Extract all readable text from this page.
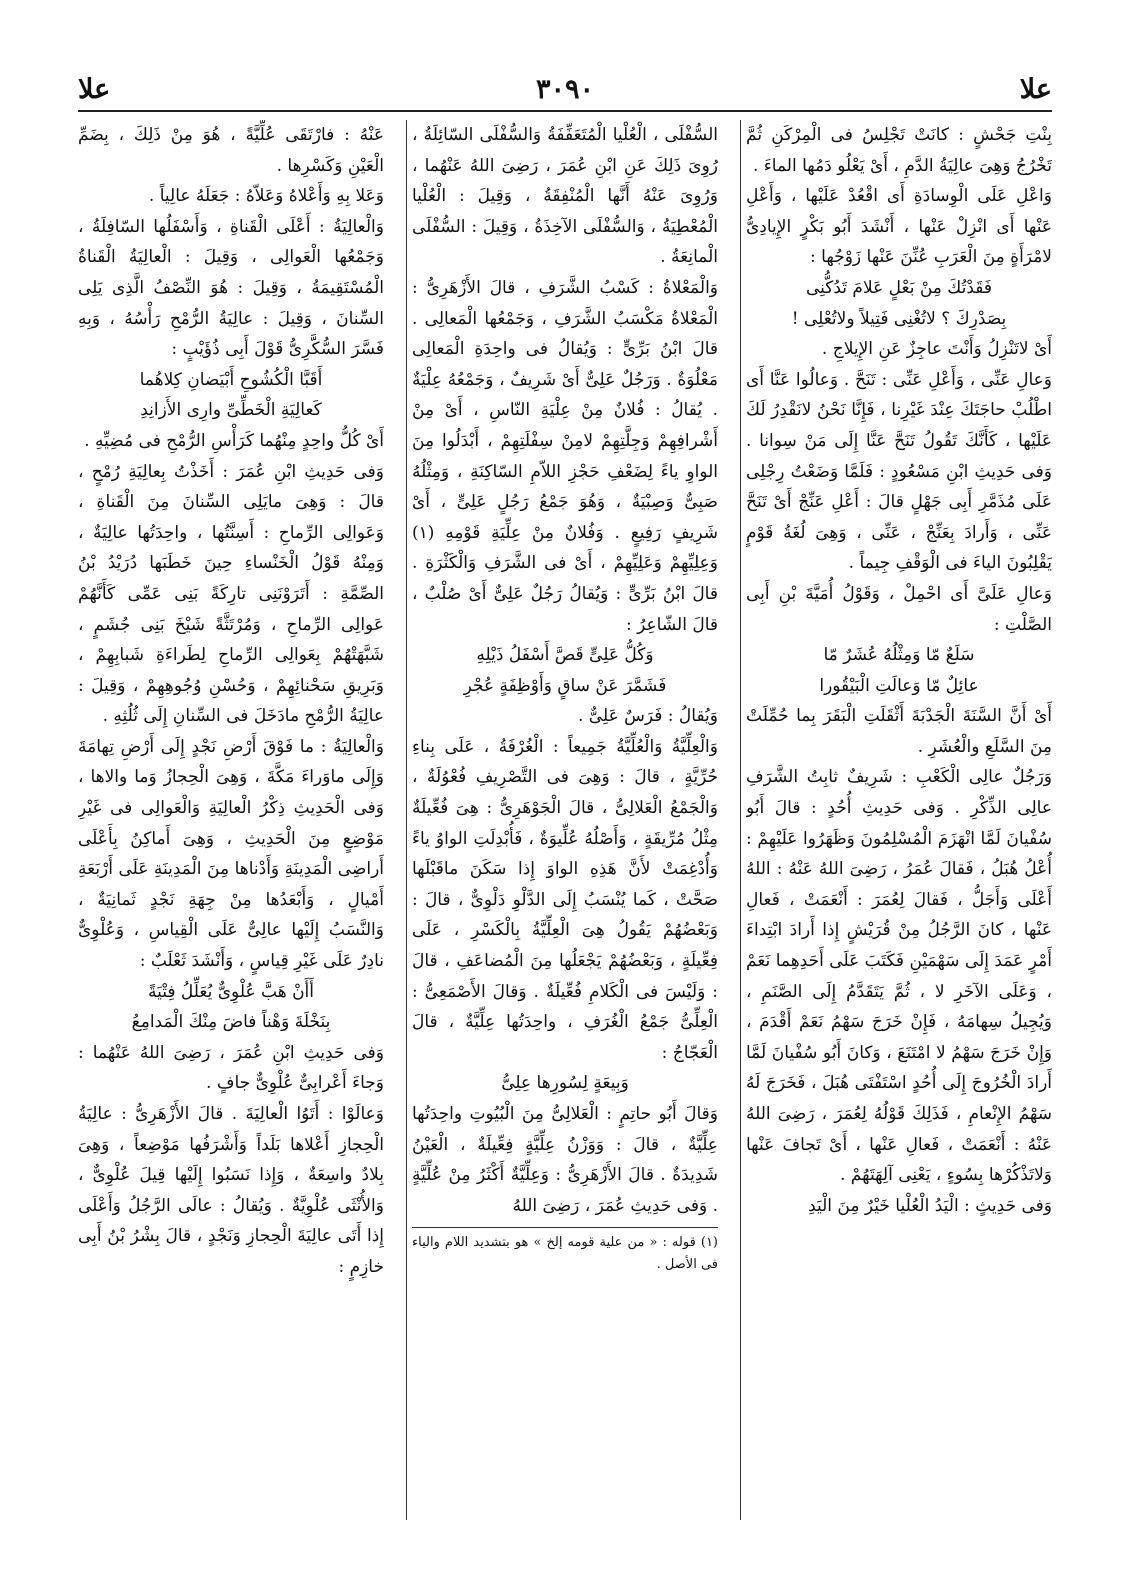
علا
٣٠٩٠
علا

بِنْتِ جَحْشٍ : كانَتْ تَجْلِسُ فى الْمِرْكَنِ ثُمَّ تَخْرُجُ وَهِىَ عالِيَةُ الدَّمِ ، أَىْ يَعْلُو دَمُها الماءَ .

وَاعْلِ عَلَى الْوِسادَةِ أَى اقْعُدْ عَلَيْها ، وَأَعْلِ عَنْها أَى انْزِلْ عَنْها ، أَنْشَدَ أَبُو بَكْرٍ الإِيادِىُّ لامْرَأَةٍ مِنَ الْعَرَبِ عُنِّنَ عَنْها زَوْجُها :

فَقَدْتُكَ مِنْ بَعْلٍ عَلامَ تَدُكُّنِى

بِصَدْرِكَ ؟ لاتُغْنِى فَتِيلاً ولاتُعْلِى !

أَىْ لاتَنْزِلُ وَأَنْتَ عاجِزٌ عَنِ الإِيلاجِ .

وَعالِ عَنِّى ، وَأَعْلِ عَنِّى : تَنَحَّ . وَعالُوا عَنَّا أَى اطْلُبْ حاجَتَكَ عِنْدَ غَيْرِنا ، فَإِنَّا نَحْنُ لانَقْدِرُ لَكَ عَلَيْها ، كَأَنَّكَ تَقُولُ تَنَحَّ عَنَّا إِلَى مَنْ سِوانا . وَفى حَدِيثِ ابْنِ مَسْعُودٍ : فَلَمَّا وَضَعْتُ رِجْلِى عَلَى مُذَمَّرِ أَبِى جَهْلٍ قالَ : أَعْلِ عَنِّجْ أَىْ تَنَحَّ عَنِّى ، وَأَرادَ بِعَنِّجْ ، عَنِّى ، وَهِىَ لُغَةُ قَوْمٍ يَقْلِبُونَ الياءَ فى الْوَقْفِ جِيماً .

وَعالِ عَلَىَّ أَى احْمِلْ ، وَقَوْلُ أُمَيَّةَ بْنِ أَبِى الصَّلْتِ :

سَلَعٌ مّا وَمِثْلُهُ عُشَرٌ مّا

عائِلٌ مّا وَعالَتِ الْبَيْقُورا

أَىْ أَنَّ السَّنَةَ الْجَدْبَةَ أَثْقَلَتِ الْبَقَرَ بِما حُمِّلَتْ مِنَ السَّلَعِ والْعُشَرِ .

وَرَجُلٌ عالِى الْكَعْبِ : شَرِيفٌ ثابِتُ الشَّرَفِ عالِى الذِّكْرِ . وَفى حَدِيثِ أُحُدٍ : قالَ أَبُو سُفْيانَ لَمَّا انْهَزَمَ الْمُسْلِمُونَ وَظَهَرُوا عَلَيْهِمْ : أُعْلُ هُبَلُ ، فَقالَ عُمَرُ ، رَضِىَ اللهُ عَنْهُ : اللهُ أَعْلَى وَأَجَلُّ ، فَقالَ لِعُمَرَ : أَنْعَمَتْ ، فَعالِ عَنْها ، كانَ الرَّجُلُ مِنْ قُرَيْشٍ إِذا أَرادَ ابْتِداءَ أَمْرٍ عَمَدَ إِلَى سَهْمَيْنِ فَكَتَبَ عَلَى أَحَدِهِما نَعَمْ ، وَعَلَى الآخَرِ لا ، ثُمَّ يَتَقَدَّمُ إِلَى الصَّنَمِ ، وَيُجِيلُ سِهامَهُ ، فَإِنْ خَرَجَ سَهْمُ نَعَمْ أَقْدَمَ ، وَإِنْ خَرَجَ سَهْمُ لا امْتَنَعَ ، وَكانَ أَبُو سُفْيانَ لَمَّا أَرادَ الْخُرُوجَ إِلَى أُحُدٍ اسْتَفْتَى هُبَلَ ، فَخَرَجَ لَهُ سَهْمُ الإِنْعامِ ، فَذَلِكَ قَوْلُهُ لِعُمَرَ ، رَضِىَ اللهُ عَنْهُ : أَنْعَمَتْ ، فَعالِ عَنْها ، أَىْ تَجافَ عَنْها وَلاتَذْكُرْها بِسُوءٍ ، يَعْنِى آلِهَتَهُمْ .

وَفى حَدِيثٍ : الْيَدُ الْعُلْيا خَيْرٌ مِنَ الْيَدِ

السُّفْلَى ، الْعُلْيا الْمُتَعَفِّفَةُ وَالسُّفْلَى السّائِلَةُ ، رُوِىَ ذَلِكَ عَنِ ابْنِ عُمَرَ ، رَضِىَ اللهُ عَنْهُما ، وَرُوِىَ عَنْهُ أَنَّها الْمُنْفِقَةُ ، وَقِيلَ : الْعُلْيا الْمُعْطِيَةُ ، وَالسُّفْلَى الآخِذَةُ ، وَقِيلَ : السُّفْلَى الْمانِعَةُ .

وَالْمَعْلاةُ : كَسْبُ الشَّرَفِ ، قالَ الأَزْهَرِىُّ : الْمَعْلاةُ مَكْسَبُ الشَّرَفِ ، وَجَمْعُها الْمَعالِى . قالَ ابْنُ بَرِّىٍّ : وَيُقالُ فى واحِدَةِ الْمَعالِى مَعْلُوَةٌ . وَرَجُلٌ عَلِىٌّ أَىْ شَرِيفٌ ، وَجَمْعُهُ عِلْيَةٌ . يُقالُ : فُلانٌ مِنْ عِلْيَةِ النّاسِ ، أَىْ مِنْ أَشْرافِهِمْ وَجِلَّتِهِمْ لامِنْ سِفْلَتِهِمْ ، أَبْدَلُوا مِنَ الواوِ ياءً لِضَعْفِ حَجْزِ اللاّمِ السّاكِنَةِ ، وَمِثْلُهُ صَبِىٌّ وَصِبْيَةٌ ، وَهُوَ جَمْعُ رَجُلٍ عَلِىٍّ ، أَىْ شَرِيفٍ رَفِيعٍ . وَفُلانٌ مِنْ عِلِّيَةِ قَوْمِهِ (١) وَعِلِيِّهِمْ وَعَلِيِّهِمْ ، أَىْ فى الشَّرَفِ وَالْكَثْرَةِ . قالَ ابْنُ بَرِّىٍّ : وَيُقالُ رَجُلٌ عَلِىٌّ أَىْ صُلْبٌ ، قالَ الشّاعِرُ :

وَكُلُّ عَلِىٍّ قَصَّ أَسْفَلُ ذَيْلِهِ

فَشَمَّرَ عَنْ ساقٍ وَأَوْظِفَةٍ عُجْرِ

وَيُقالُ : فَرَسٌ عَلِىٌّ .

وَالْعِلِّيَّةُ وَالْعُلِّيَّةُ جَمِيعاً : الْغُرْفَةُ ، عَلَى بِناءِ حُرِّيَّةٍ ، قالَ : وَهِىَ فى التَّصْرِيفِ فُعْوُلَةٌ ، وَالْجَمْعُ الْعَلالِىُّ ، قالَ الْجَوْهَرِىُّ : هِىَ فُعِّيلَةٌ مِثْلُ مُرِّيقَةٍ ، وَأَصْلُهُ عُلِّيوَةٌ ، فَأُبْدِلَتِ الواوُ ياءً وَأُدْغِمَتْ لأَنَّ هَذِهِ الواوَ إِذا سَكَنَ ماقَبْلَها صَحَّتْ ، كَما يُنْسَبُ إِلَى الدَّلْوِ دَلْوِىٌّ ، قالَ : وَبَعْضُهُمْ يَقُولُ هِىَ الْعِلِّيَّةُ بِالْكَسْرِ ، عَلَى فِعِّيلَةٍ ، وَبَعْضُهُمْ يَجْعَلُها مِنَ الْمُضاعَفِ ، قالَ : وَلَيْسَ فى الْكَلامِ فُعِّيلَةٌ . وَقالَ الأَصْمَعِىُّ : الْعِلِّىُّ جَمْعُ الْغُرَفِ ، واحِدَتُها عِلِّيَّةٌ ، قالَ الْعَجّاجُ :

وَبِيعَةٍ لِسُورِها عِلِىُّ

وَقالَ أَبُو حاتِمٍ : الْعَلالِىُّ مِنَ الْبُيُوتِ واحِدَتُها عِلِّيَّةٌ ، قالَ : وَوَزْنُ عِلِّيَّةٍ فِعِّيلَةٌ ، الْعَيْنُ شَدِيدَةٌ . قالَ الأَزْهَرِىُّ : وَعِلِّيَّةٌ أَكْثَرُ مِنْ عُلِّيَّةٍ . وَفى حَدِيثِ عُمَرَ ، رَضِىَ اللهُ

(١) قوله : « من علية قومه إلخ » هو بتشديد اللام والياء فى الأصل .

عَنْهُ : فارْتَقَى عُلِّيَّةً ، هُوَ مِنْ ذَلِكَ ، بِضَمِّ الْعَيْنِ وَكَسْرِها .

وَعَلا بِهِ وَأَعْلاهُ وَعَلاّهُ : جَعَلَهُ عالِياً .

وَالْعالِيَةُ : أَعْلَى الْقَناةِ ، وَأَسْفَلُها السّافِلَةُ ، وَجَمْعُها الْعَوالِى ، وَقِيلَ : الْعالِيَةُ الْقَناةُ الْمُسْتَقِيمَةُ ، وَقِيلَ : هُوَ النِّصْفُ الَّذِى يَلِى السِّنانَ ، وَقِيلَ : عالِيَةُ الرُّمْحِ رَأْسُهُ ، وَبِهِ فَسَّرَ السُّكَّرِىُّ قَوْلَ أَبِى ذُؤَيْبٍ :

أَقَبَّا الْكُشُوحِ أَبْيَضانِ كِلاهُما

كَعالِيَةِ الْخَطِّىِّ وارِى الأَزانِدِ

أَىْ كُلُّ واحِدٍ مِنْهُما كَرَأْسِ الرُّمْحِ فى مُضِيِّهِ .

وَفى حَدِيثِ ابْنِ عُمَرَ : أَخَذْتُ بِعالِيَةِ رُمْحٍ ، قالَ : وَهِىَ مايَلِى السِّنانَ مِنَ الْقَناةِ ، وَعَوالِى الرِّماحِ : أَسِنَّتُها ، واحِدَتُها عالِيَةٌ ، وَمِنْهُ قَوْلُ الْخَنْساءِ حِينَ خَطَبَها دُرَيْدُ بْنُ الصِّمَّةِ : أَتَرَوْنَنِى تارِكَةً بَنِى عَمِّى كَأَنَّهُمْ عَوالِى الرِّماحِ ، وَمُرْتَثَّةً شَيْخَ بَنِى جُشَمٍ ، شَبَّهَتْهُمْ بِعَوالِى الرِّماحِ لِطَراءَةِ شَبابِهِمْ ، وَبَرِيقِ سَحْنائِهِمْ ، وَحُسْنِ وُجُوهِهِمْ ، وَقِيلَ : عالِيَةُ الرُّمْحِ مادَخَلَ فى السِّنانِ إِلَى ثُلُثِهِ .

وَالْعالِيَةُ : ما فَوْقَ أَرْضِ نَجْدٍ إِلَى أَرْضِ تِهامَةَ وَإِلَى ماوَراءَ مَكَّةَ ، وَهِىَ الْحِجازُ وَما والاها ، وَفى الْحَدِيثِ ذِكْرُ الْعالِيَةِ وَالْعَوالِى فى غَيْرِ مَوْضِعٍ مِنَ الْحَدِيثِ ، وَهِىَ أَماكِنُ بِأَعْلَى أَراضِى الْمَدِينَةِ وَأَدْناها مِنَ الْمَدِينَةِ عَلَى أَرْبَعَةِ أَمْيالٍ ، وَأَبْعَدُها مِنْ جِهَةِ نَجْدٍ ثَمانِيَةٌ ، وَالنَّسَبُ إِلَيْها عالِىٌّ عَلَى الْقِياسِ ، وَعُلْوِىٌّ نادِرٌ عَلَى غَيْرِ قِياسٍ ، وَأَنْشَدَ ثَعْلَبٌ :

أَأَنْ هَبَّ عُلْوِىٌّ يُعَلِّلُ فِتْيَةً

بِنَخْلَةَ وَهْناً فاضَ مِنْكَ الْمَدامِعُ

وَفى حَدِيثِ ابْنِ عُمَرَ ، رَضِىَ اللهُ عَنْهُما : وَجاءَ أَعْرابِىٌّ عُلْوِىٌّ جافٍ .

وَعالَوْا : أَتَوُا الْعالِيَةَ . قالَ الأَزْهَرِىُّ : عالِيَةُ الْحِجازِ أَعْلاها بَلَداً وَأَشْرَفُها مَوْضِعاً ، وَهِىَ بِلادٌ واسِعَةٌ ، وَإِذا نَسَبُوا إِلَيْها قِيلَ عُلْوِىٌّ ، وَالأُنْثَى عُلْوِيَّةٌ . وَيُقالُ : عالَى الرَّجُلُ وَأَعْلَى إِذا أَتَى عالِيَةَ الْحِجازِ وَنَجْدٍ ، قالَ بِشْرُ بْنُ أَبِى خازِمٍ :
